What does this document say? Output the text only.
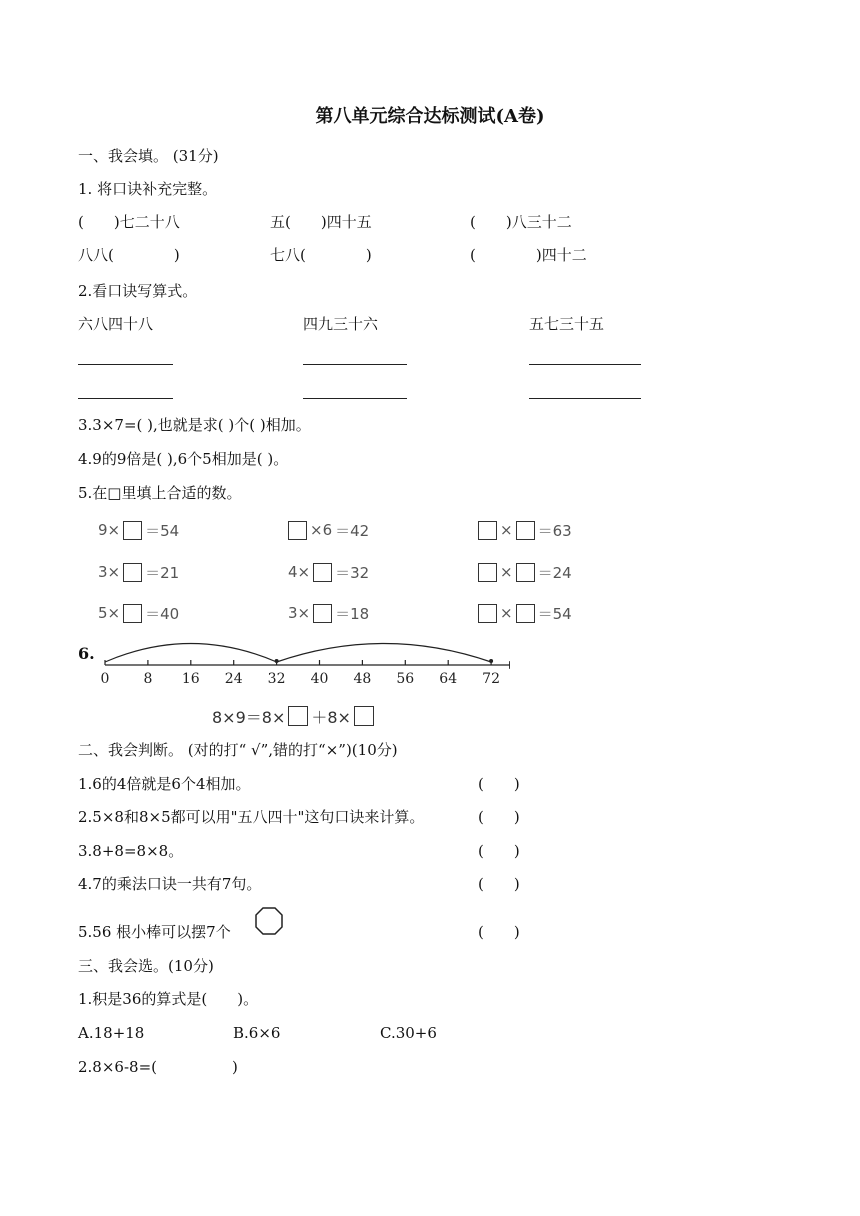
第八单元综合达标测试(A卷)
一、我会填。 (31分)
1. 将口诀补充完整。
(　　)七二十八	五(　　)四十五	(　　)八三十二
八八(　　　　)	七八(　　　　)	(　　　　)四十二
2.看口诀写算式。
六八四十八	四九三十六	五七三十五
3.3×7=( ),也就是求( )个( )相加。
4.9的9倍是( ),6个5相加是( )。
5.在□里填上合适的数。
9× ＝54	×6 ＝42	× ＝63
3× ＝21	4× ＝32	× ＝24
5× ＝40	3× ＝18	× ＝54
6.
0 8 16 24 32 40 48 56 64 72
8×9＝8× ＋8×
二、我会判断。 (对的打“ √”,错的打“×”)(10分)
1.6的4倍就是6个4相加。	(　　)
2.5×8和8×5都可以用"五八四十"这句口诀来计算。	(　　)
3.8+8=8×8。	(　　)
4.7的乘法口诀一共有7句。	(　　)
5.56 根小棒可以摆7个	(　　)
三、我会选。(10分)
1.积是36的算式是(　　)。
A.18+18	B.6×6	C.30+6
2.8×6-8=(　　　　　)
